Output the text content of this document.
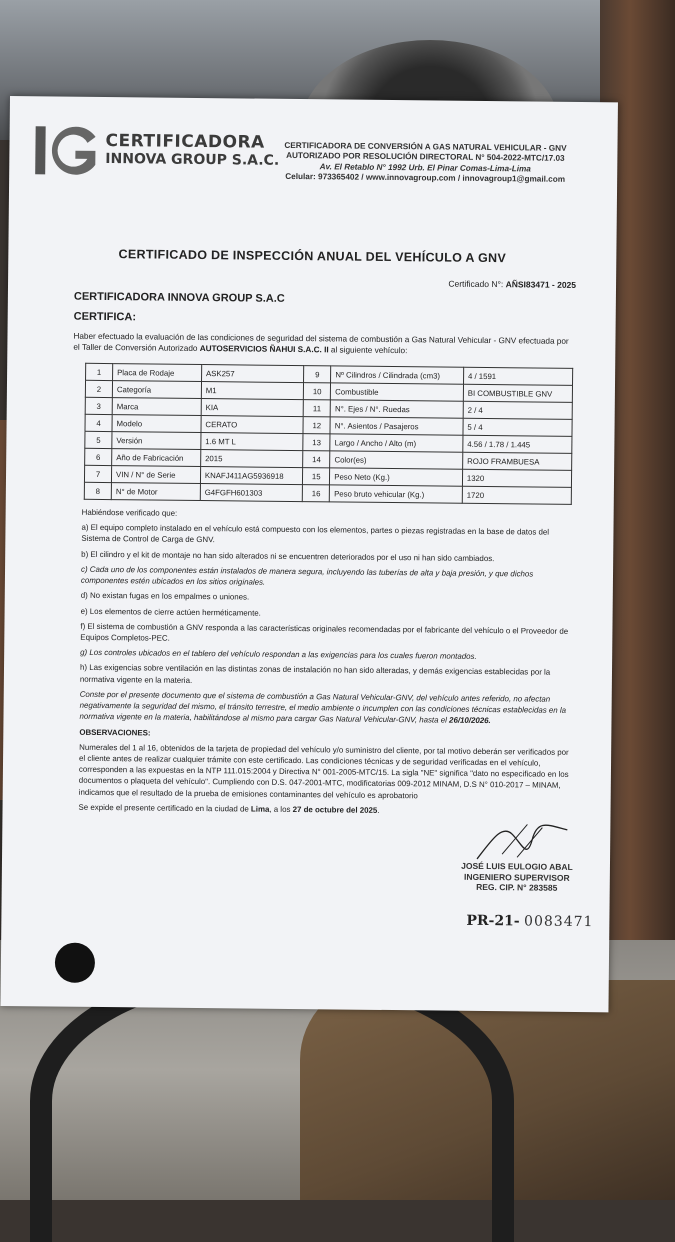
CERTIFICADORA
INNOVA GROUP S.A.C.
CERTIFICADORA DE CONVERSIÓN A GAS NATURAL VEHICULAR - GNV
AUTORIZADO POR RESOLUCIÓN DIRECTORAL N° 504-2022-MTC/17.03
Av. El Retablo N° 1992 Urb. El Pinar Comas-Lima-Lima
Celular: 973365402 / www.innovagroup.com / innovagroup1@gmail.com
CERTIFICADO DE INSPECCIÓN ANUAL DEL VEHÍCULO A GNV
Certificado N°: AÑSI83471 - 2025
CERTIFICADORA INNOVA GROUP S.A.C
CERTIFICA:
Haber efectuado la evaluación de las condiciones de seguridad del sistema de combustión a Gas Natural Vehicular - GNV efectuada por el Taller de Conversión Autorizado AUTOSERVICIOS ÑAHUI S.A.C. II al siguiente vehículo:
1	Placa de Rodaje	ASK257	9	Nº Cilindros / Cilindrada (cm3)	4 / 1591
2	Categoría	M1	10	Combustible	BI COMBUSTIBLE GNV
3	Marca	KIA	11	N°. Ejes / N°. Ruedas	2 / 4
4	Modelo	CERATO	12	N°. Asientos / Pasajeros	5 / 4
5	Versión	1.6 MT L	13	Largo / Ancho / Alto (m)	4.56 / 1.78 / 1.445
6	Año de Fabricación	2015	14	Color(es)	ROJO FRAMBUESA
7	VIN / N° de Serie	KNAFJ411AG5936918	15	Peso Neto (Kg.)	1320
8	N° de Motor	G4FGFH601303	16	Peso bruto vehicular (Kg.)	1720

Habiéndose verificado que:

a) El equipo completo instalado en el vehículo está compuesto con los elementos, partes o piezas registradas en la base de datos del Sistema de Control de Carga de GNV.

b) El cilindro y el kit de montaje no han sido alterados ni se encuentren deteriorados por el uso ni han sido cambiados.

c) Cada uno de los componentes están instalados de manera segura, incluyendo las tuberías de alta y baja presión, y que dichos componentes estén ubicados en los sitios originales.

d) No existan fugas en los empalmes o uniones.

e) Los elementos de cierre actúen herméticamente.

f) El sistema de combustión a GNV responda a las características originales recomendadas por el fabricante del vehículo o el Proveedor de Equipos Completos-PEC.

g) Los controles ubicados en el tablero del vehículo respondan a las exigencias para los cuales fueron montados.

h) Las exigencias sobre ventilación en las distintas zonas de instalación no han sido alteradas, y demás exigencias establecidas por la normativa vigente en la materia.

Conste por el presente documento que el sistema de combustión a Gas Natural Vehicular-GNV, del vehículo antes referido, no afectan negativamente la seguridad del mismo, el tránsito terrestre, el medio ambiente o incumplen con las condiciones técnicas establecidas en la normativa vigente en la materia, habilitándose al mismo para cargar Gas Natural Vehicular-GNV, hasta el 26/10/2026.

OBSERVACIONES:

Numerales del 1 al 16, obtenidos de la tarjeta de propiedad del vehículo y/o suministro del cliente, por tal motivo deberán ser verificados por el cliente antes de realizar cualquier trámite con este certificado. Las condiciones técnicas y de seguridad verificadas en el vehículo, corresponden a las expuestas en la NTP 111.015:2004 y Directiva N° 001-2005-MTC/15. La sigla "NE" significa "dato no especificado en los documentos o plaqueta del vehículo". Cumpliendo con D.S. 047-2001-MTC, modificatorias 009-2012 MINAM, D.S N° 010-2017 – MINAM, indicamos que el resultado de la prueba de emisiones contaminantes del vehículo es aprobatorio

Se expide el presente certificado en la ciudad de Lima, a los 27 de octubre del 2025.

JOSÉ LUIS EULOGIO ABAL
INGENIERO SUPERVISOR
REG. CIP. N° 283585
PR-21- 0083471
